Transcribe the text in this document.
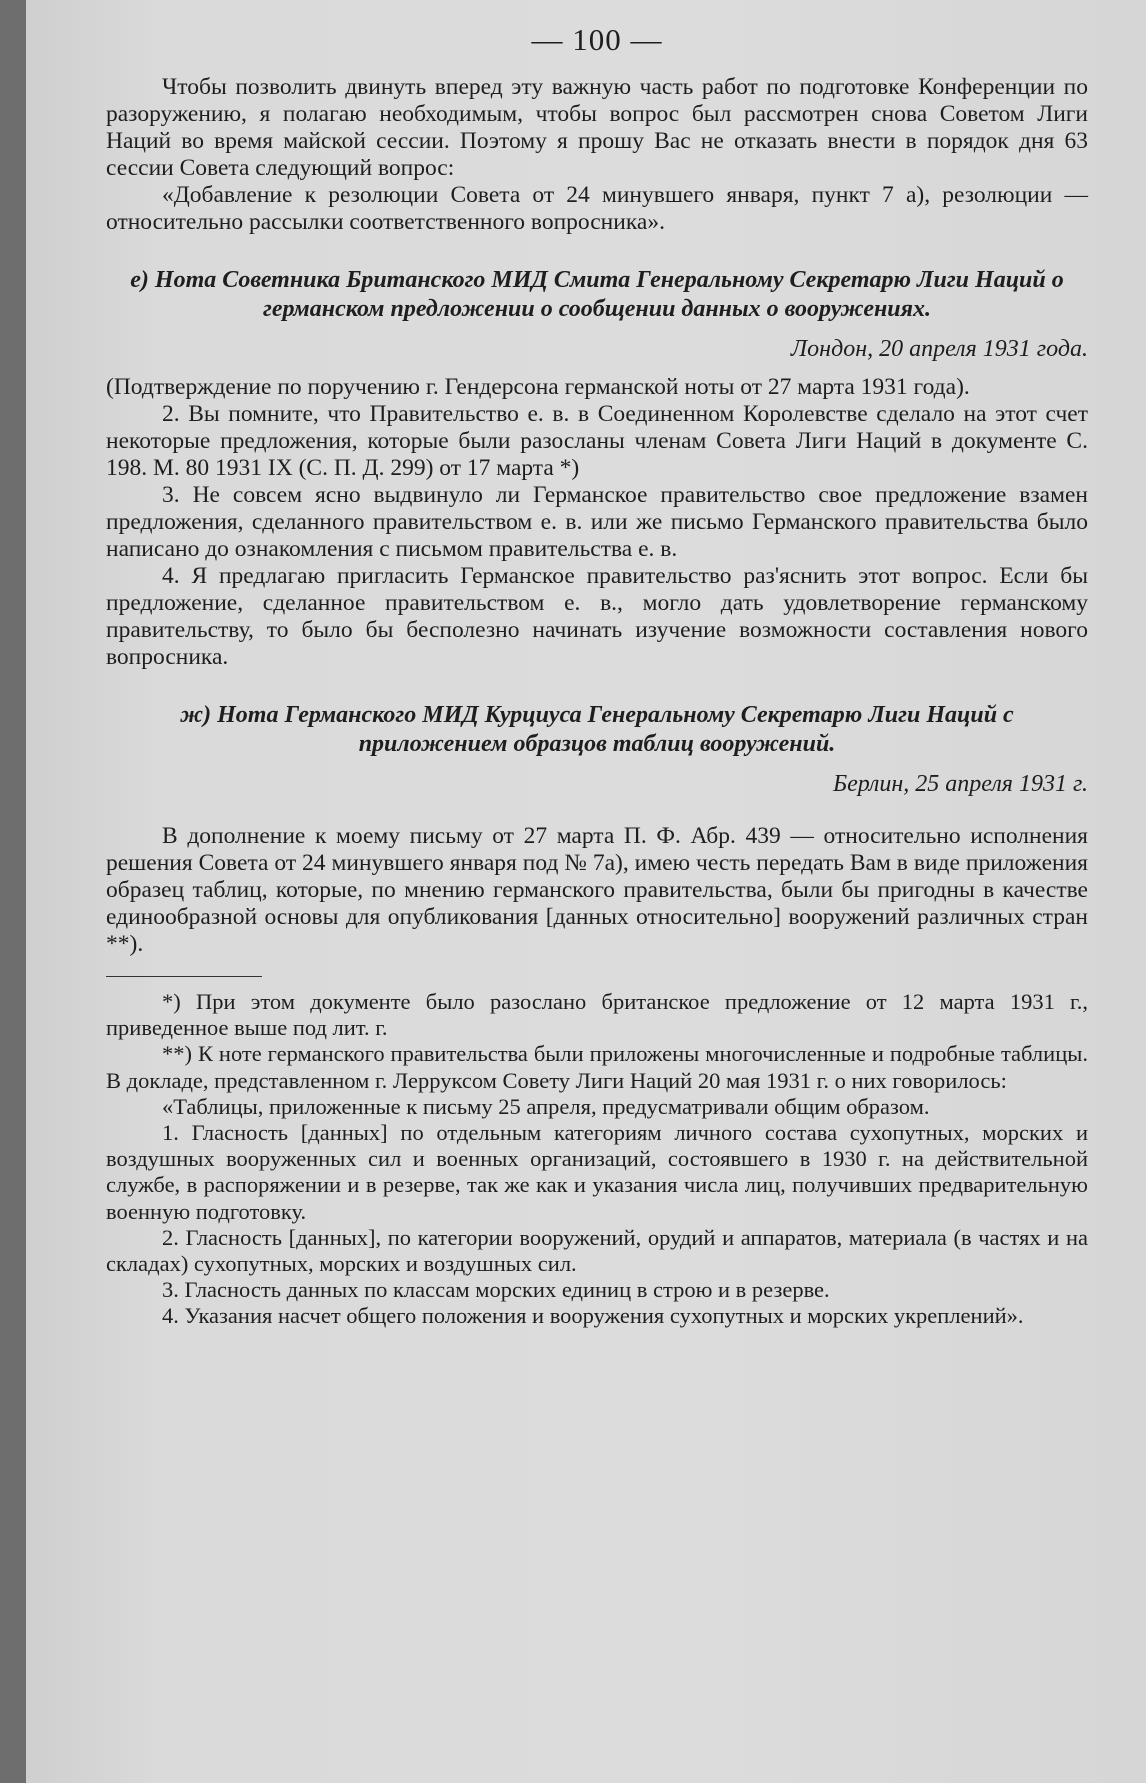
— 100 —

Чтобы позволить двинуть вперед эту важную часть работ по подготовке Конференции по разоружению, я полагаю необходимым, чтобы вопрос был рассмотрен снова Советом Лиги Наций во время майской сессии. Поэтому я прошу Вас не отказать внести в порядок дня 63 сессии Совета следующий вопрос:

«Добавление к резолюции Совета от 24 минувшего января, пункт 7 а), резолюции — относительно рассылки соответственного вопросника».

е) Нота Советника Британского МИД Смита Генеральному Секретарю Лиги Наций о германском предложении о сообщении данных о вооружениях.
Лондон, 20 апреля 1931 года.

(Подтверждение по поручению г. Гендерсона германской ноты от 27 марта 1931 года).

2. Вы помните, что Правительство е. в. в Соединенном Королевстве сделало на этот счет некоторые предложения, которые были разосланы членам Совета Лиги Наций в документе С. 198. М. 80 1931 IX (С. П. Д. 299) от 17 марта *)

3. Не совсем ясно выдвинуло ли Германское правительство свое предложение взамен предложения, сделанного правительством е. в. или же письмо Германского правительства было написано до ознакомления с письмом правительства е. в.

4. Я предлагаю пригласить Германское правительство раз'яснить этот вопрос. Если бы предложение, сделанное правительством е. в., могло дать удовлетворение германскому правительству, то было бы бесполезно начинать изучение возможности составления нового вопросника.

ж) Нота Германского МИД Курциуса Генеральному Секретарю Лиги Наций с приложением образцов таблиц вооружений.
Берлин, 25 апреля 1931 г.

В дополнение к моему письму от 27 марта П. Ф. Абр. 439 — относительно исполнения решения Совета от 24 минувшего января под № 7а), имею честь передать Вам в виде приложения образец таблиц, которые, по мнению германского правительства, были бы пригодны в качестве единообразной основы для опубликования [данных относительно] вооружений различных стран **).

*) При этом документе было разослано британское предложение от 12 марта 1931 г., приведенное выше под лит. г.

**) К ноте германского правительства были приложены многочисленные и подробные таблицы. В докладе, представленном г. Лерруксом Совету Лиги Наций 20 мая 1931 г. о них говорилось:

«Таблицы, приложенные к письму 25 апреля, предусматривали общим образом.

1. Гласность [данных] по отдельным категориям личного состава сухопутных, морских и воздушных вооруженных сил и военных организаций, состоявшего в 1930 г. на действительной службе, в распоряжении и в резерве, так же как и указания числа лиц, получивших предварительную военную подготовку.

2. Гласность [данных], по категории вооружений, орудий и аппаратов, материала (в частях и на складах) сухопутных, морских и воздушных сил.

3. Гласность данных по классам морских единиц в строю и в резерве.

4. Указания насчет общего положения и вооружения сухопутных и морских укреплений».
